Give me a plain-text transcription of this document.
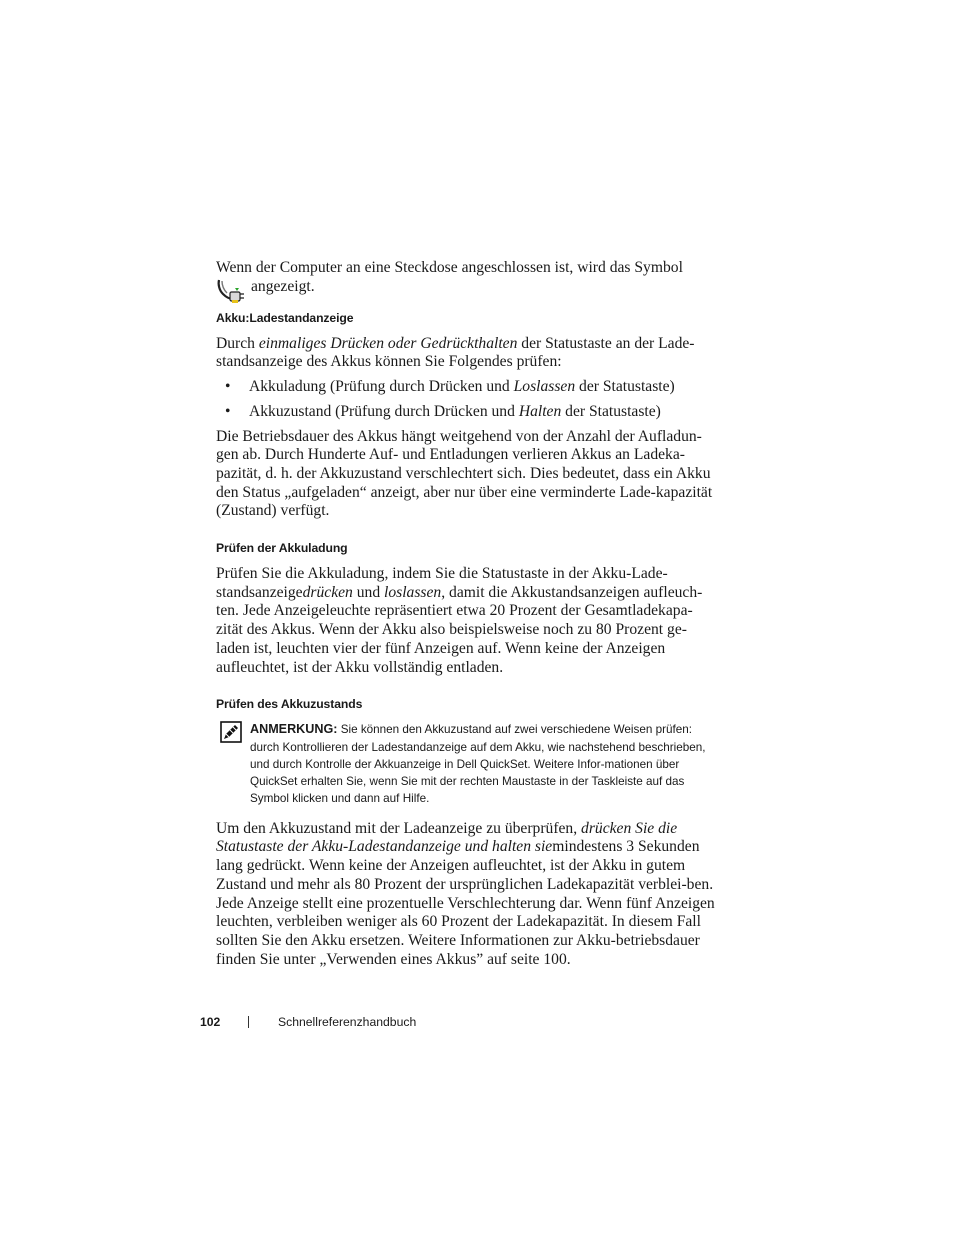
Wenn der Computer an eine Steckdose angeschlossen ist, wird das Symbol
angezeigt.
Akku:Ladestandanzeige

Durch einmaliges Drücken oder Gedrückthalten der Statustaste an der Lade-standsanzeige des Akkus können Sie Folgendes prüfen:

• Akkuladung (Prüfung durch Drücken und Loslassen der Statustaste)
• Akkuzustand (Prüfung durch Drücken und Halten der Statustaste)

Die Betriebsdauer des Akkus hängt weitgehend von der Anzahl der Aufladun-gen ab. Durch Hunderte Auf- und Entladungen verlieren Akkus an Ladeka-pazität, d. h. der Akkuzustand verschlechtert sich. Dies bedeutet, dass ein Akku den Status „aufgeladen“ anzeigt, aber nur über eine verminderte Lade-kapazität (Zustand) verfügt.

Prüfen der Akkuladung

Prüfen Sie die Akkuladung, indem Sie die Statustaste in der Akku-Lade-standsanzeigedrücken und loslassen, damit die Akkustandsanzeigen aufleuch-ten. Jede Anzeigeleuchte repräsentiert etwa 20 Prozent der Gesamtladekapa-zität des Akkus. Wenn der Akku also beispielsweise noch zu 80 Prozent ge-laden ist, leuchten vier der fünf Anzeigen auf. Wenn keine der Anzeigen aufleuchtet, ist der Akku vollständig entladen.

Prüfen des Akkuzustands
ANMERKUNG: Sie können den Akkuzustand auf zwei verschiedene Weisen prüfen: durch Kontrollieren der Ladestandanzeige auf dem Akku, wie nachstehend beschrieben, und durch Kontrolle der Akkuanzeige in Dell QuickSet. Weitere Infor-mationen über QuickSet erhalten Sie, wenn Sie mit der rechten Maustaste in der Taskleiste auf das Symbol klicken und dann auf Hilfe.

Um den Akkuzustand mit der Ladeanzeige zu überprüfen, drücken Sie die Statustaste der Akku-Ladestandanzeige und halten siemindestens 3 Sekunden lang gedrückt. Wenn keine der Anzeigen aufleuchtet, ist der Akku in gutem Zustand und mehr als 80 Prozent der ursprünglichen Ladekapazität verblei-ben. Jede Anzeige stellt eine prozentuelle Verschlechterung dar. Wenn fünf Anzeigen leuchten, verbleiben weniger als 60 Prozent der Ladekapazität. In diesem Fall sollten Sie den Akku ersetzen. Weitere Informationen zur Akku-betriebsdauer finden Sie unter „Verwenden eines Akkus” auf seite 100.

102	Schnellreferenzhandbuch
